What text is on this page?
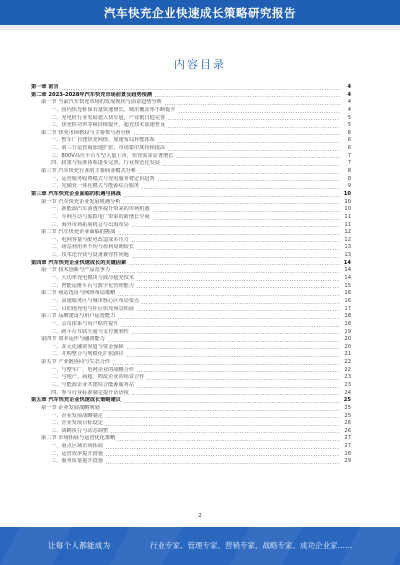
汽车快充企业快速成长策略研究报告
内容目录
第一章 前言	4
第二章 2023-2028年汽车快充市场前景及趋势预测	4
第一节 当前汽车快充市场的发展现状与前景趋势分析	4
一、国内快充桩保有量快速增长，城市覆盖率不断提升	4
二、充电桩行业发展驶入快车道，产业链日趋完善	5
三、快充桩功率等级持续提升，超充技术加速普及	5
第二节 快充市场格局与主要参与者分析	6
一、整车厂自建快充网络，加速布局补能体系	6
二、第三方运营商加速扩张，市场集中度持续提高	6
三、800V高压平台车型大量上市，快充需求显著增长	7
四、政策与标准体系逐步完善，行业规范化发展	7
第三节 汽车快充行业的主要商业模式分析	8
一、运营服务收费模式与充电服务费定价趋势	8
二、光储充一体化模式与能源综合服务	9
第三章 汽车快充企业面临的机遇与挑战	10
第一节 汽车快充企业发展机遇分析	10
一、新能源汽车渗透率提升带来的市场机遇	10
二、车网互动与虚拟电厂带来的新增长空间	11
三、海外市场拓展机会与出海布局	11
第二节 汽车快充企业面临的挑战	12
一、电网容量与配电改造成本压力	12
二、场站利用率不均与盈利周期较长	13
三、技术迭代快与设备兼容性问题	13
第四章 汽车快充企业快速成长的关键因素	14
第一节 技术创新与产品竞争力	14
一、大功率充电模块与液冷超充技术	14
二、智能运维平台与数字化管理能力	15
第二节 场站选址与网络布局策略	16
一、高速服务区与城市核心区布局要点	16
二、目的地充电与社区快充场景拓展	17
第三节 品牌建设与用户运营能力	18
一、会员体系与用户粘性提升	18
二、跨平台互联互通与支付便利性	19
第四节 资本运作与融资能力	20
一、多元化融资渠道与资金保障	20
二、并购整合与规模化扩张路径	21
第五节 产业链协同与生态合作	22
一、与整车厂、电网企业的战略合作	22
二、与地产、商超、物流企业的场景合作	23
三、与能源企业共建综合能源服务站	23
四、参与行业标准制定提升话语权	24
第五章 汽车快充企业快速成长策略建议	25
第一节 企业发展战略规划	25
一、企业发展战略制定	25
二、企业发展目标设定	26
三、战略执行与动态调整	26
第二节 市场拓展与运营优化策略	27
一、重点区域市场拓展	27
二、运营效率提升措施	28
三、服务质量提升措施	29
2
让每个人都能成为	行业专家、管理专家、营销专家、战略专家、成功企业家……
